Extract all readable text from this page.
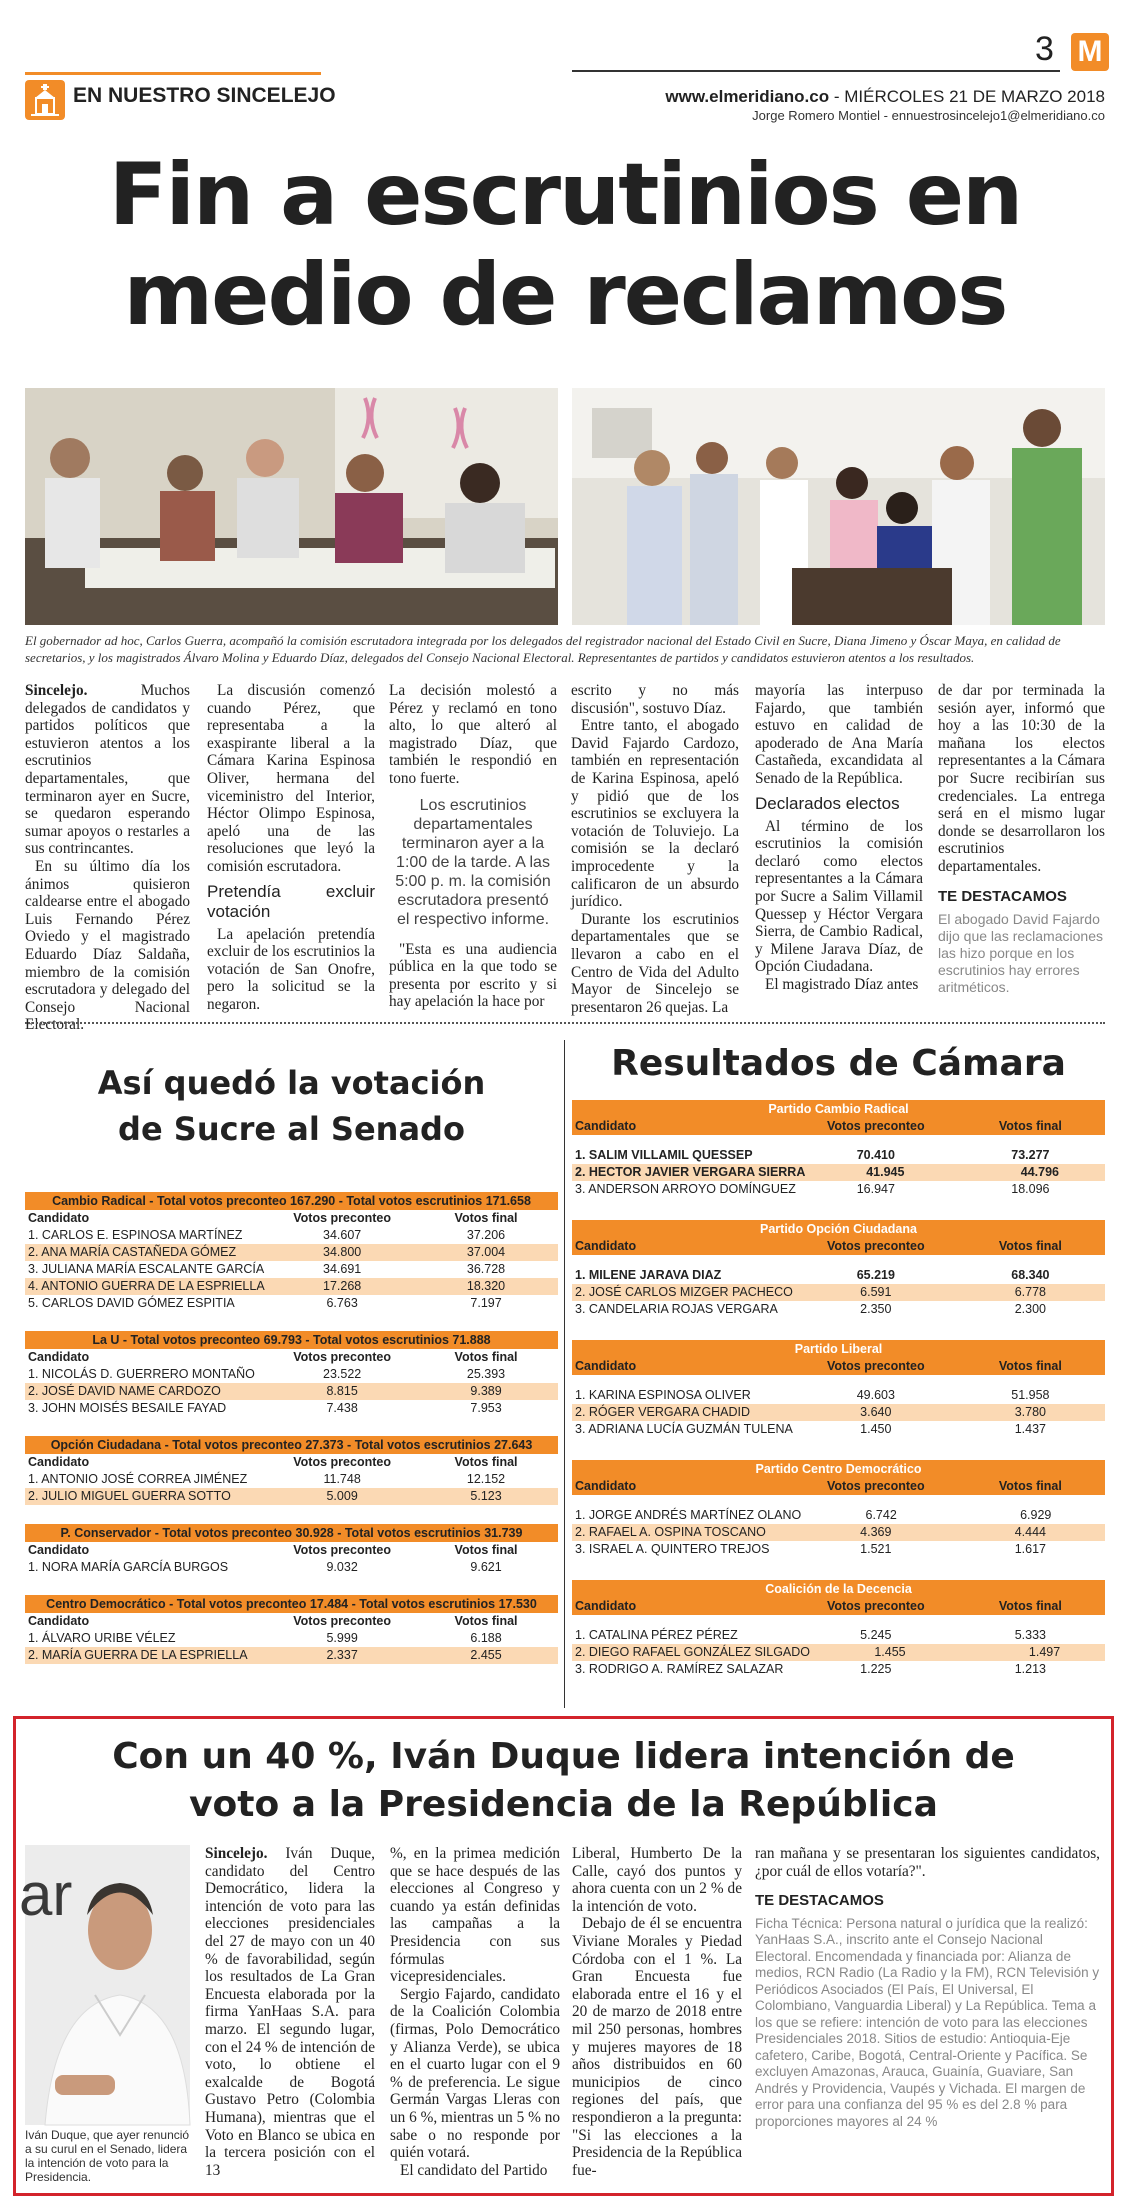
3 M
www.elmeridiano.co - MIÉRCOLES 21 DE MARZO 2018
Jorge Romero Montiel - ennuestrosincelejo1@elmeridiano.co
EN NUESTRO SINCELEJO
Fin a escrutinios en
medio de reclamos
El gobernador ad hoc, Carlos Guerra, acompañó la comisión escrutadora integrada por los delegados del registrador nacional del Estado Civil en Sucre, Diana Jimeno y Óscar Maya, en calidad de secretarios, y los magistrados Álvaro Molina y Eduardo Díaz, delegados del Consejo Nacional Electoral. Representantes de partidos y candidatos estuvieron atentos a los resultados.

Sincelejo. Muchos delegados de candidatos y partidos políticos que estuvieron atentos a los escrutinios departamentales, que terminaron ayer en Sucre, se quedaron esperando sumar apoyos o restarles a sus contrincantes.

En su último día los ánimos quisieron caldearse entre el abogado Luis Fernando Pérez Oviedo y el magistrado Eduardo Díaz Saldaña, miembro de la comisión escrutadora y delegado del Consejo Nacional Electoral.

La discusión comenzó cuando Pérez, que representaba a la exaspirante liberal a la Cámara Karina Espinosa Oliver, hermana del viceministro del Interior, Héctor Olimpo Espinosa, apeló una de las resoluciones que leyó la comisión escrutadora.

Pretendía excluir votación

La apelación pretendía excluir de los escrutinios la votación de San Onofre, pero la solicitud se la negaron.

La decisión molestó a Pérez y reclamó en tono alto, lo que alteró al magistrado Díaz, que también le respondió en tono fuerte.

Los escrutinios departamentales terminaron ayer a la 1:00 de la tarde. A las 5:00 p. m. la comisión escrutadora presentó el respectivo informe.

"Esta es una audiencia pública en la que todo se presenta por escrito y si hay apelación la hace por

escrito y no más discusión", sostuvo Díaz.

Entre tanto, el abogado David Fajardo Cardozo, también en representación de Karina Espinosa, apeló y pidió que de los escrutinios se excluyera la votación de Toluviejo. La comisión se la declaró improcedente y la calificaron de un absurdo jurídico.

Durante los escrutinios departamentales que se llevaron a cabo en el Centro de Vida del Adulto Mayor de Sincelejo se presentaron 26 quejas. La

mayoría las interpuso Fajardo, que también estuvo en calidad de apoderado de Ana María Castañeda, excandidata al Senado de la República.

Declarados electos

Al término de los escrutinios la comisión declaró como electos representantes a la Cámara por Sucre a Salim Villamil Quessep y Héctor Vergara Sierra, de Cambio Radical, y Milene Jarava Díaz, de Opción Ciudadana.

El magistrado Díaz antes

de dar por terminada la sesión ayer, informó que hoy a las 10:30 de la mañana los electos representantes a la Cámara por Sucre recibirían sus credenciales. La entrega será en el mismo lugar donde se desarrollaron los escrutinios departamentales.

TE DESTACAMOS
El abogado David Fajardo dijo que las reclamaciones las hizo porque en los escrutinios hay errores aritméticos.
Así quedó la votación
de Sucre al Senado
Cambio Radical - Total votos preconteo 167.290 - Total votos escrutinios 171.658
Candidato	Votos preconteo	Votos final
1. CARLOS E. ESPINOSA MARTÍNEZ	34.607	37.206
2. ANA MARÍA CASTAÑEDA GÓMEZ	34.800	37.004
3. JULIANA MARÍA ESCALANTE GARCÍA	34.691	36.728
4. ANTONIO GUERRA DE LA ESPRIELLA	17.268	18.320
5. CARLOS DAVID GÓMEZ ESPITIA	6.763	7.197
La U - Total votos preconteo 69.793 - Total votos escrutinios 71.888
Candidato	Votos preconteo	Votos final
1. NICOLÁS D. GUERRERO MONTAÑO	23.522	25.393
2. JOSÉ DAVID NAME CARDOZO	8.815	9.389
3. JOHN MOISÉS BESAILE FAYAD	7.438	7.953
Opción Ciudadana - Total votos preconteo 27.373 - Total votos escrutinios 27.643
Candidato	Votos preconteo	Votos final
1. ANTONIO JOSÉ CORREA JIMÉNEZ	11.748	12.152
2. JULIO MIGUEL GUERRA SOTTO	5.009	5.123
P. Conservador - Total votos preconteo 30.928 - Total votos escrutinios 31.739
Candidato	Votos preconteo	Votos final
1. NORA MARÍA GARCÍA BURGOS	9.032	9.621
Centro Democrático - Total votos preconteo 17.484 - Total votos escrutinios 17.530
Candidato	Votos preconteo	Votos final
1. ÁLVARO URIBE VÉLEZ	5.999	6.188
2. MARÍA GUERRA DE LA ESPRIELLA	2.337	2.455
Resultados de Cámara
Partido Cambio Radical
Candidato	Votos preconteo	Votos final
1. SALIM VILLAMIL QUESSEP	70.410	73.277
2. HECTOR JAVIER VERGARA SIERRA	41.945	44.796
3. ANDERSON ARROYO DOMÍNGUEZ	16.947	18.096
Partido Opción Ciudadana
Candidato	Votos preconteo	Votos final
1. MILENE JARAVA DIAZ	65.219	68.340
2. JOSÉ CARLOS MIZGER PACHECO	6.591	6.778
3. CANDELARIA ROJAS VERGARA	2.350	2.300
Partido Liberal
Candidato	Votos preconteo	Votos final
1. KARINA ESPINOSA OLIVER	49.603	51.958
2. RÓGER VERGARA CHADID	3.640	3.780
3. ADRIANA LUCÍA GUZMÁN TULENA	1.450	1.437
Partido Centro Democrático
Candidato	Votos preconteo	Votos final
1. JORGE ANDRÉS MARTÍNEZ OLANO	6.742	6.929
2. RAFAEL A. OSPINA TOSCANO	4.369	4.444
3. ISRAEL A. QUINTERO TREJOS	1.521	1.617
Coalición de la Decencia
Candidato	Votos preconteo	Votos final
1. CATALINA PÉREZ PÉREZ	5.245	5.333
2. DIEGO RAFAEL GONZÁLEZ SILGADO	1.455	1.497
3. RODRIGO A. RAMÍREZ SALAZAR	1.225	1.213
Con un 40 %, Iván Duque lidera intención de
voto a la Presidencia de la República
ar
Iván Duque, que ayer renunció a su curul en el Senado, lidera la intención de voto para la Presidencia.

Sincelejo. Iván Duque, candidato del Centro Democrático, lidera la intención de voto para las elecciones presidenciales del 27 de mayo con un 40 % de favorabilidad, según los resultados de La Gran Encuesta elaborada por la firma YanHaas S.A. para marzo. El segundo lugar, con el 24 % de intención de voto, lo obtiene el exalcalde de Bogotá Gustavo Petro (Colombia Humana), mientras que el Voto en Blanco se ubica en la tercera posición con el 13

%, en la primea medición que se hace después de las elecciones al Congreso y cuando ya están definidas las campañas a la Presidencia con sus fórmulas vicepresidenciales.

Sergio Fajardo, candidato de la Coalición Colombia (firmas, Polo Democrático y Alianza Verde), se ubica en el cuarto lugar con el 9 % de preferencia. Le sigue Germán Vargas Lleras con un 6 %, mientras un 5 % no sabe o no responde por quién votará.

El candidato del Partido

Liberal, Humberto De la Calle, cayó dos puntos y ahora cuenta con un 2 % de la intención de voto.

Debajo de él se encuentra Viviane Morales y Piedad Córdoba con el 1 %. La Gran Encuesta fue elaborada entre el 16 y el 20 de marzo de 2018 entre mil 250 personas, hombres y mujeres mayores de 18 años distribuidos en 60 municipios de cinco regiones del país, que respondieron a la pregunta: "Si las elecciones a la Presidencia de la República fue-

ran mañana y se presentaran los siguientes candidatos, ¿por cuál de ellos votaría?".

TE DESTACAMOS
Ficha Técnica: Persona natural o jurídica que la realizó: YanHaas S.A., inscrito ante el Consejo Nacional Electoral. Encomendada y financiada por: Alianza de medios, RCN Radio (La Radio y la FM), RCN Televisión y Periódicos Asociados (El País, El Universal, El Colombiano, Vanguardia Liberal) y La República. Tema a los que se refiere: intención de voto para las elecciones Presidenciales 2018. Sitios de estudio: Antioquia-Eje cafetero, Caribe, Bogotá, Central-Oriente y Pacífica. Se excluyen Amazonas, Arauca, Guainía, Guaviare, San Andrés y Providencia, Vaupés y Vichada. El margen de error para una confianza del 95 % es del 2.8 % para proporciones mayores al 24 %
